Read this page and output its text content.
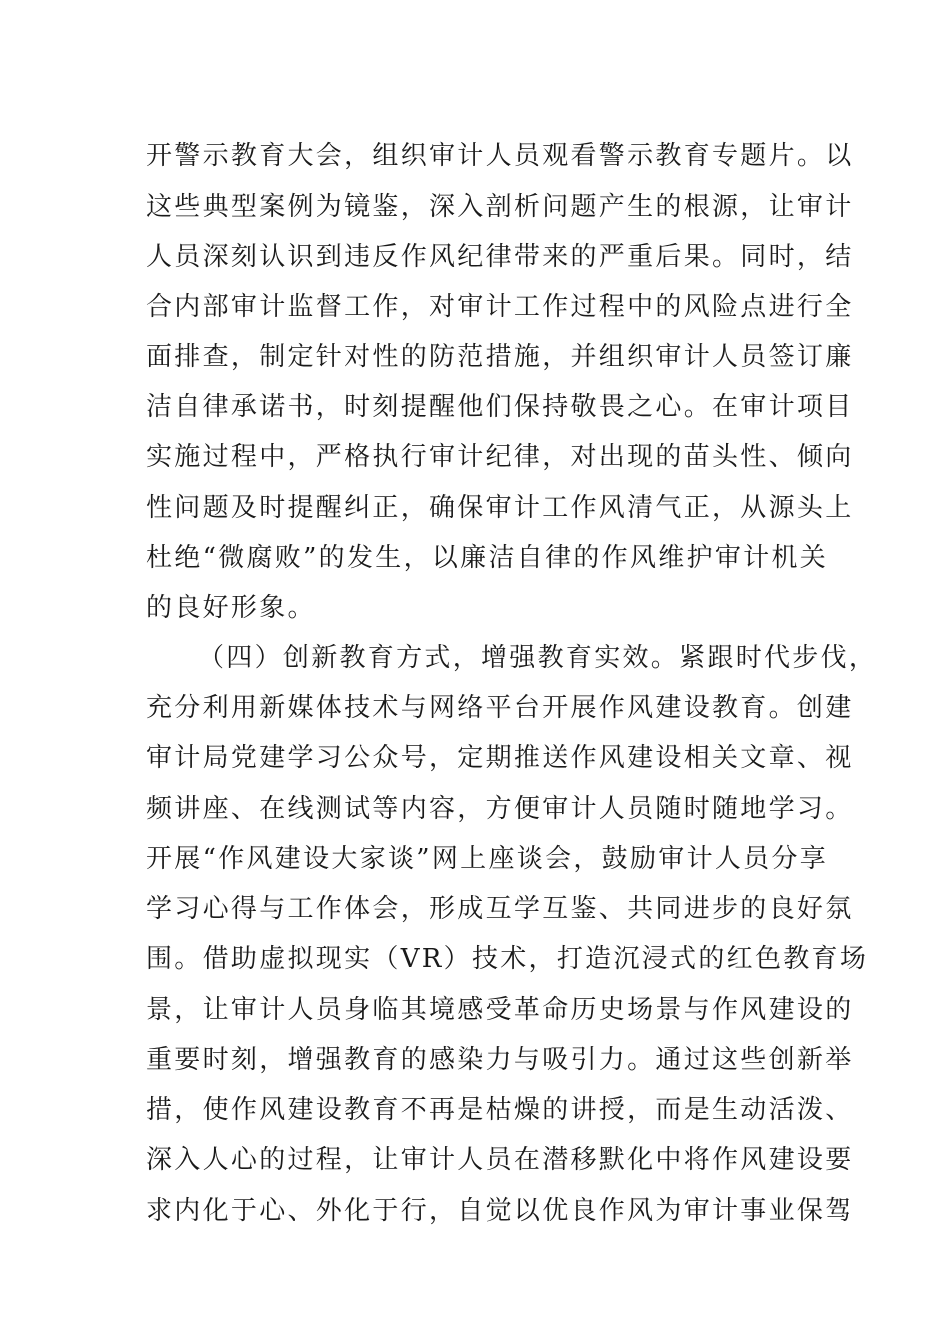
开警示教育大会，组织审计人员观看警示教育专题片。以
这些典型案例为镜鉴，深入剖析问题产生的根源，让审计
人员深刻认识到违反作风纪律带来的严重后果。同时，结
合内部审计监督工作，对审计工作过程中的风险点进行全
面排查，制定针对性的防范措施，并组织审计人员签订廉
洁自律承诺书，时刻提醒他们保持敬畏之心。在审计项目
实施过程中，严格执行审计纪律，对出现的苗头性、倾向
性问题及时提醒纠正，确保审计工作风清气正，从源头上
杜绝“微腐败”的发生，以廉洁自律的作风维护审计机关
的良好形象。
（四）创新教育方式，增强教育实效。紧跟时代步伐，
充分利用新媒体技术与网络平台开展作风建设教育。创建
审计局党建学习公众号，定期推送作风建设相关文章、视
频讲座、在线测试等内容，方便审计人员随时随地学习。
开展“作风建设大家谈”网上座谈会，鼓励审计人员分享
学习心得与工作体会，形成互学互鉴、共同进步的良好氛
围。借助虚拟现实（VR）技术，打造沉浸式的红色教育场
景，让审计人员身临其境感受革命历史场景与作风建设的
重要时刻，增强教育的感染力与吸引力。通过这些创新举
措，使作风建设教育不再是枯燥的讲授，而是生动活泼、
深入人心的过程，让审计人员在潜移默化中将作风建设要
求内化于心、外化于行，自觉以优良作风为审计事业保驾
